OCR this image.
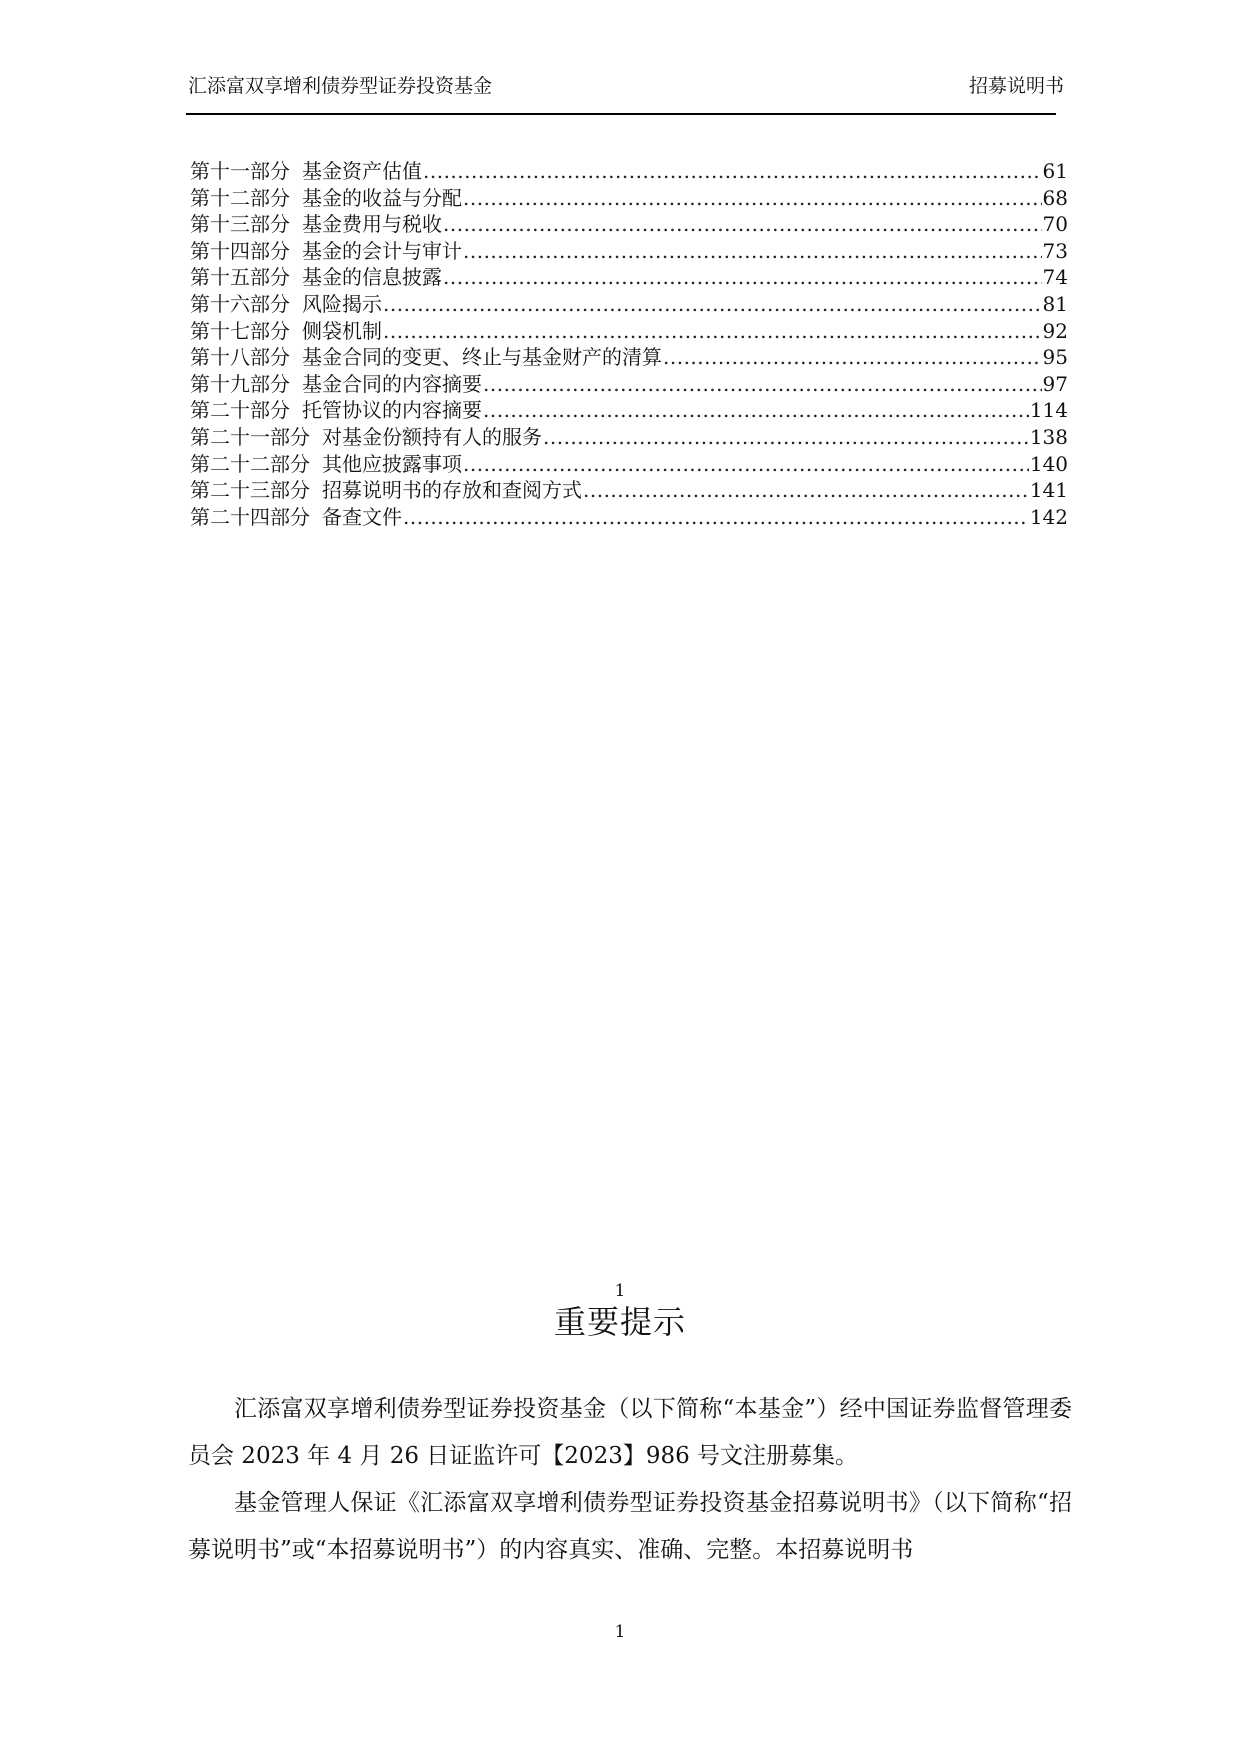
汇添富双享增利债券型证券投资基金	招募说明书
第十一部分 基金资产估值 .....	61
第十二部分 基金的收益与分配 .....	68
第十三部分 基金费用与税收 .....	70
第十四部分 基金的会计与审计 .....	73
第十五部分 基金的信息披露 .....	74
第十六部分 风险揭示 .....	81
第十七部分 侧袋机制 .....	92
第十八部分 基金合同的变更、终止与基金财产的清算 .....	95
第十九部分 基金合同的内容摘要 .....	97
第二十部分 托管协议的内容摘要 .....	114
第二十一部分 对基金份额持有人的服务 .....	138
第二十二部分 其他应披露事项 .....	140
第二十三部分 招募说明书的存放和查阅方式 .....	141
第二十四部分 备查文件 .....	142
1
重要提示

汇添富双享增利债券型证券投资基金（以下简称“本基金”）经中国证券监督管理委员会 2023 年 4 月 26 日证监许可【2023】986 号文注册募集。

基金管理人保证《汇添富双享增利债券型证券投资基金招募说明书》（以下简称“招募说明书”或“本招募说明书”）的内容真实、准确、完整。本招募说明书

1
